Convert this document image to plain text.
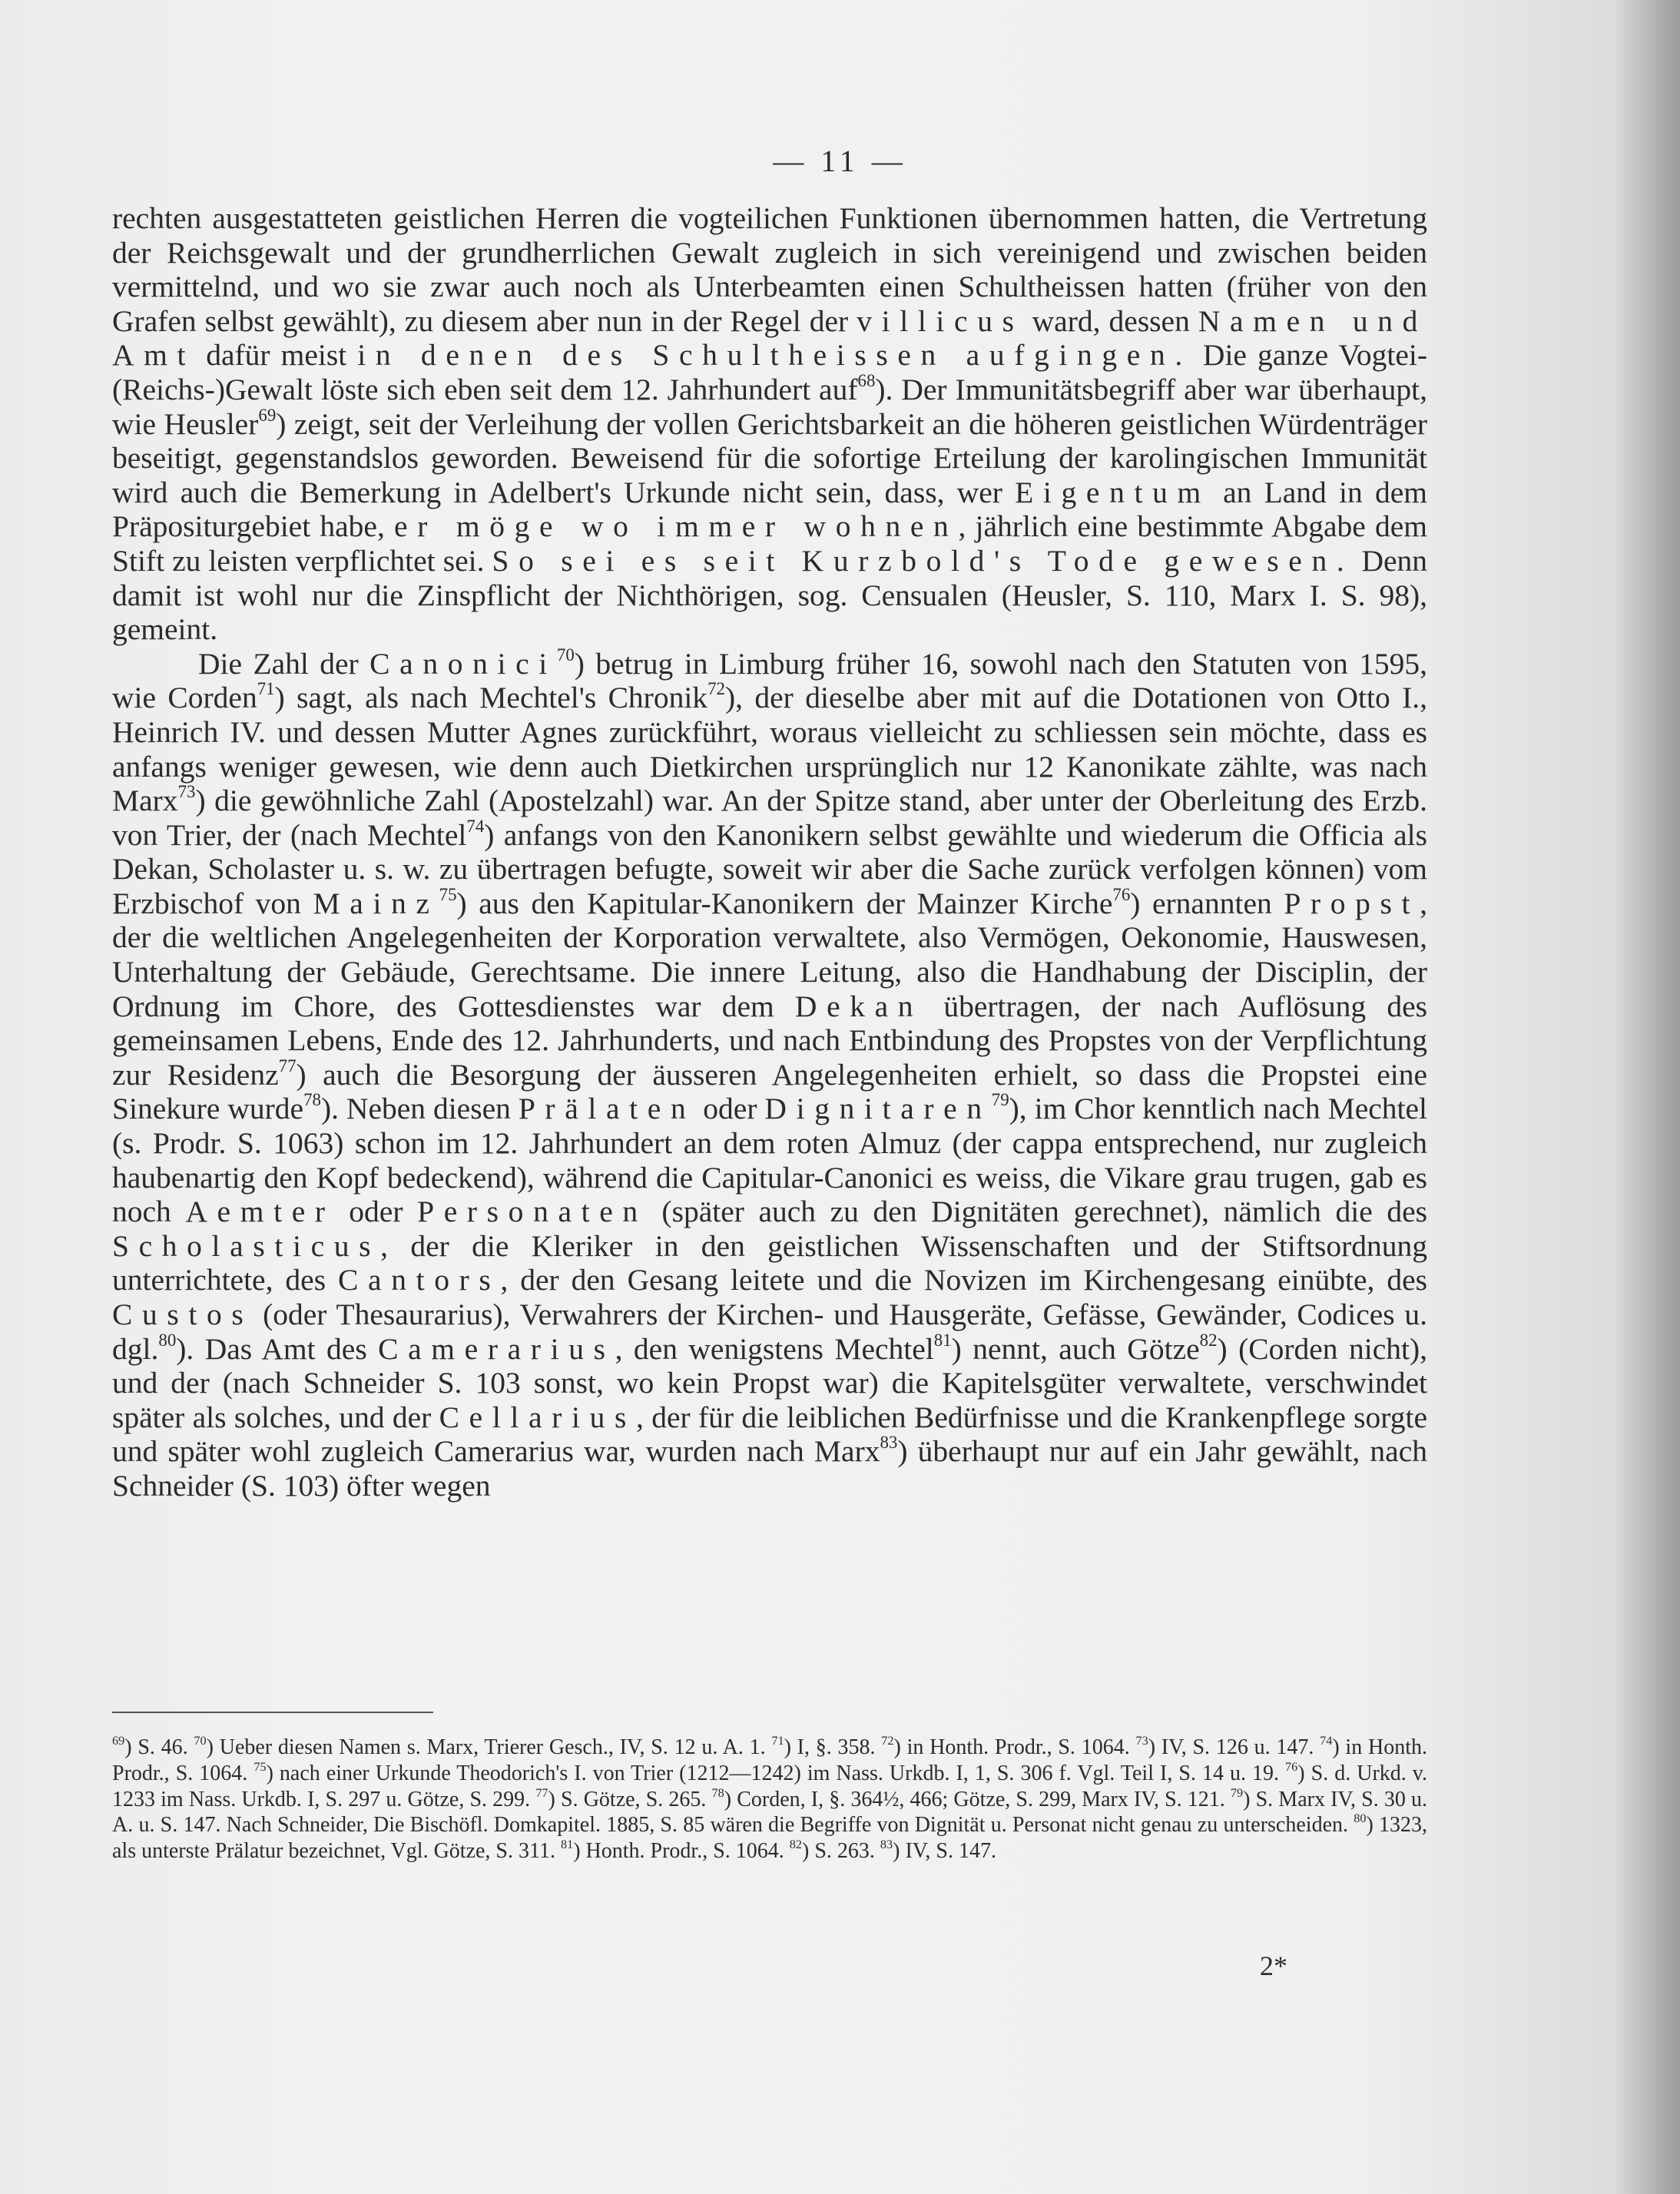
— 11 —

rechten ausgestatteten geistlichen Herren die vogteilichen Funktionen übernommen hatten, die Vertretung der Reichsgewalt und der grundherrlichen Gewalt zugleich in sich vereinigend und zwischen beiden vermittelnd, und wo sie zwar auch noch als Unterbeamten einen Schultheissen hatten (früher von den Grafen selbst gewählt), zu diesem aber nun in der Regel der villicus ward, dessen Namen und Amt dafür meist in denen des Schultheissen aufgingen. Die ganze Vogtei-(Reichs-)Gewalt löste sich eben seit dem 12. Jahrhundert auf$^{68}$). Der Immunitätsbegriff aber war überhaupt, wie Heusler$^{69}$) zeigt, seit der Verleihung der vollen Gerichtsbarkeit an die höheren geistlichen Würdenträger beseitigt, gegenstandslos geworden. Beweisend für die sofortige Erteilung der karolingischen Immunität wird auch die Bemerkung in Adelbert's Urkunde nicht sein, dass, wer Eigentum an Land in dem Präpositurgebiet habe, er möge wo immer wohnen, jährlich eine bestimmte Abgabe dem Stift zu leisten verpflichtet sei. So sei es seit Kurzbold's Tode gewesen. Denn damit ist wohl nur die Zinspflicht der Nichthörigen, sog. Censualen (Heusler, S. 110, Marx I. S. 98), gemeint.

Die Zahl der Canonici$^{70}$) betrug in Limburg früher 16, sowohl nach den Statuten von 1595, wie Corden$^{71}$) sagt, als nach Mechtel's Chronik$^{72}$), der dieselbe aber mit auf die Dotationen von Otto I., Heinrich IV. und dessen Mutter Agnes zurückführt, woraus vielleicht zu schliessen sein möchte, dass es anfangs weniger gewesen, wie denn auch Dietkirchen ursprünglich nur 12 Kanonikate zählte, was nach Marx$^{73}$) die gewöhnliche Zahl (Apostelzahl) war. An der Spitze stand, aber unter der Oberleitung des Erzb. von Trier, der (nach Mechtel$^{74}$) anfangs von den Kanonikern selbst gewählte und wiederum die Officia als Dekan, Scholaster u. s. w. zu übertragen befugte, soweit wir aber die Sache zurück verfolgen können) vom Erzbischof von Mainz$^{75}$) aus den Kapitular-Kanonikern der Mainzer Kirche$^{76}$) ernannten Propst, der die weltlichen Angelegenheiten der Korporation verwaltete, also Vermögen, Oekonomie, Hauswesen, Unterhaltung der Gebäude, Gerechtsame. Die innere Leitung, also die Handhabung der Disciplin, der Ordnung im Chore, des Gottesdienstes war dem Dekan übertragen, der nach Auflösung des gemeinsamen Lebens, Ende des 12. Jahrhunderts, und nach Entbindung des Propstes von der Verpflichtung zur Residenz$^{77}$) auch die Besorgung der äusseren Angelegenheiten erhielt, so dass die Propstei eine Sinekure wurde$^{78}$). Neben diesen Prälaten oder Dignitaren$^{79}$), im Chor kenntlich nach Mechtel (s. Prodr. S. 1063) schon im 12. Jahrhundert an dem roten Almuz (der cappa entsprechend, nur zugleich haubenartig den Kopf bedeckend), während die Capitular-Canonici es weiss, die Vikare grau trugen, gab es noch Aemter oder Personaten (später auch zu den Dignitäten gerechnet), nämlich die des Scholasticus, der die Kleriker in den geistlichen Wissenschaften und der Stiftsordnung unterrichtete, des Cantors, der den Gesang leitete und die Novizen im Kirchengesang einübte, des Custos (oder Thesaurarius), Verwahrers der Kirchen- und Hausgeräte, Gefässe, Gewänder, Codices u. dgl.$^{80}$). Das Amt des Camerarius, den wenigstens Mechtel$^{81}$) nennt, auch Götze$^{82}$) (Corden nicht), und der (nach Schneider S. 103 sonst, wo kein Propst war) die Kapitelsgüter verwaltete, verschwindet später als solches, und der Cellarius, der für die leiblichen Bedürfnisse und die Krankenpflege sorgte und später wohl zugleich Camerarius war, wurden nach Marx$^{83}$) überhaupt nur auf ein Jahr gewählt, nach Schneider (S. 103) öfter wegen

$^{69}$) S. 46. $^{70}$) Ueber diesen Namen s. Marx, Trierer Gesch., IV, S. 12 u. A. 1. $^{71}$) I, §. 358. $^{72}$) in Honth. Prodr., S. 1064. $^{73}$) IV, S. 126 u. 147. $^{74}$) in Honth. Prodr., S. 1064. $^{75}$) nach einer Urkunde Theodorich's I. von Trier (1212—1242) im Nass. Urkdb. I, 1, S. 306 f. Vgl. Teil I, S. 14 u. 19. $^{76}$) S. d. Urkd. v. 1233 im Nass. Urkdb. I, S. 297 u. Götze, S. 299. $^{77}$) S. Götze, S. 265. $^{78}$) Corden, I, §. 364½, 466; Götze, S. 299, Marx IV, S. 121. $^{79}$) S. Marx IV, S. 30 u. A. u. S. 147. Nach Schneider, Die Bischöfl. Domkapitel. 1885, S. 85 wären die Begriffe von Dignität u. Personat nicht genau zu unterscheiden. $^{80}$) 1323, als unterste Prälatur bezeichnet, Vgl. Götze, S. 311. $^{81}$) Honth. Prodr., S. 1064. $^{82}$) S. 263. $^{83}$) IV, S. 147.
2*
